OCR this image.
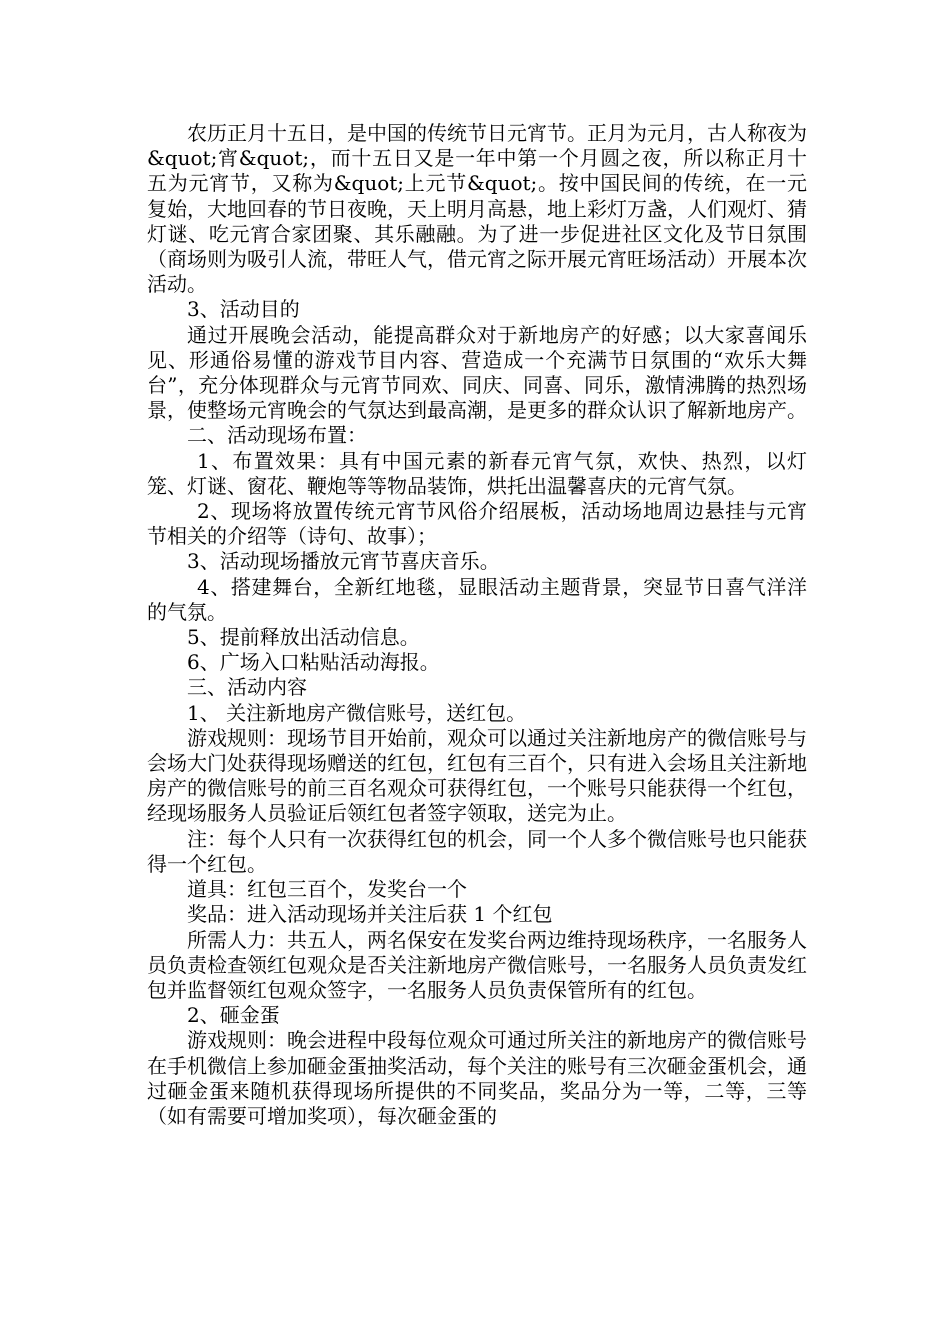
农历正月十五日，是中国的传统节日元宵节。正月为元月，古人称夜为&quot;宵&quot;，而十五日又是一年中第一个月圆之夜，所以称正月十五为元宵节，又称为&quot;上元节&quot;。按中国民间的传统，在一元复始，大地回春的节日夜晚，天上明月高悬，地上彩灯万盏，人们观灯、猜灯谜、吃元宵合家团聚、其乐融融。为了进一步促进社区文化及节日氛围（商场则为吸引人流，带旺人气，借元宵之际开展元宵旺场活动）开展本次活动。

3、活动目的

通过开展晚会活动，能提高群众对于新地房产的好感；以大家喜闻乐见、形通俗易懂的游戏节目内容、营造成一个充满节日氛围的“欢乐大舞台”，充分体现群众与元宵节同欢、同庆、同喜、同乐，激情沸腾的热烈场景，使整场元宵晚会的气氛达到最高潮，是更多的群众认识了解新地房产。

二、活动现场布置：

1、布置效果：具有中国元素的新春元宵气氛，欢快、热烈，以灯笼、灯谜、窗花、鞭炮等等物品装饰，烘托出温馨喜庆的元宵气氛。

2、现场将放置传统元宵节风俗介绍展板，活动场地周边悬挂与元宵节相关的介绍等（诗句、故事）；

3、活动现场播放元宵节喜庆音乐。

4、搭建舞台，全新红地毯，显眼活动主题背景，突显节日喜气洋洋的气氛。

5、提前释放出活动信息。

6、广场入口粘贴活动海报。

三、活动内容

1、 关注新地房产微信账号，送红包。

游戏规则：现场节目开始前，观众可以通过关注新地房产的微信账号与会场大门处获得现场赠送的红包，红包有三百个，只有进入会场且关注新地房产的微信账号的前三百名观众可获得红包，一个账号只能获得一个红包，经现场服务人员验证后领红包者签字领取，送完为止。

注：每个人只有一次获得红包的机会，同一个人多个微信账号也只能获得一个红包。

道具：红包三百个，发奖台一个

奖品：进入活动现场并关注后获 1 个红包

所需人力：共五人，两名保安在发奖台两边维持现场秩序，一名服务人员负责检查领红包观众是否关注新地房产微信账号，一名服务人员负责发红包并监督领红包观众签字，一名服务人员负责保管所有的红包。

2、砸金蛋

游戏规则：晚会进程中段每位观众可通过所关注的新地房产的微信账号在手机微信上参加砸金蛋抽奖活动，每个关注的账号有三次砸金蛋机会，通过砸金蛋来随机获得现场所提供的不同奖品，奖品分为一等，二等，三等（如有需要可增加奖项），每次砸金蛋的
